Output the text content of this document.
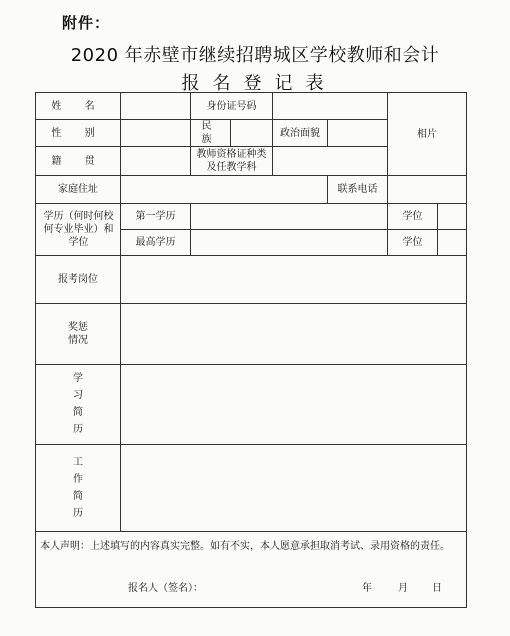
附件：
2020 年赤壁市继续招聘城区学校教师和会计
报名登记表
姓 名		身份证号码				相片	
性 别		民 族		政治面貌			
籍 贯		教师资格证种类
及任教学科					

家庭住址					联系电话		

学历（何时何校
何专业毕业）和
学位	第一学历					学位	
	最高学历					学位	
报考岗位							

奖惩
情况							

学习简历							
工作简历							

本人声明：上述填写的内容真实完整。如有不实，本人愿意承担取消考试、录用资格的责任。
报名人（签名）： 年 月 日							
